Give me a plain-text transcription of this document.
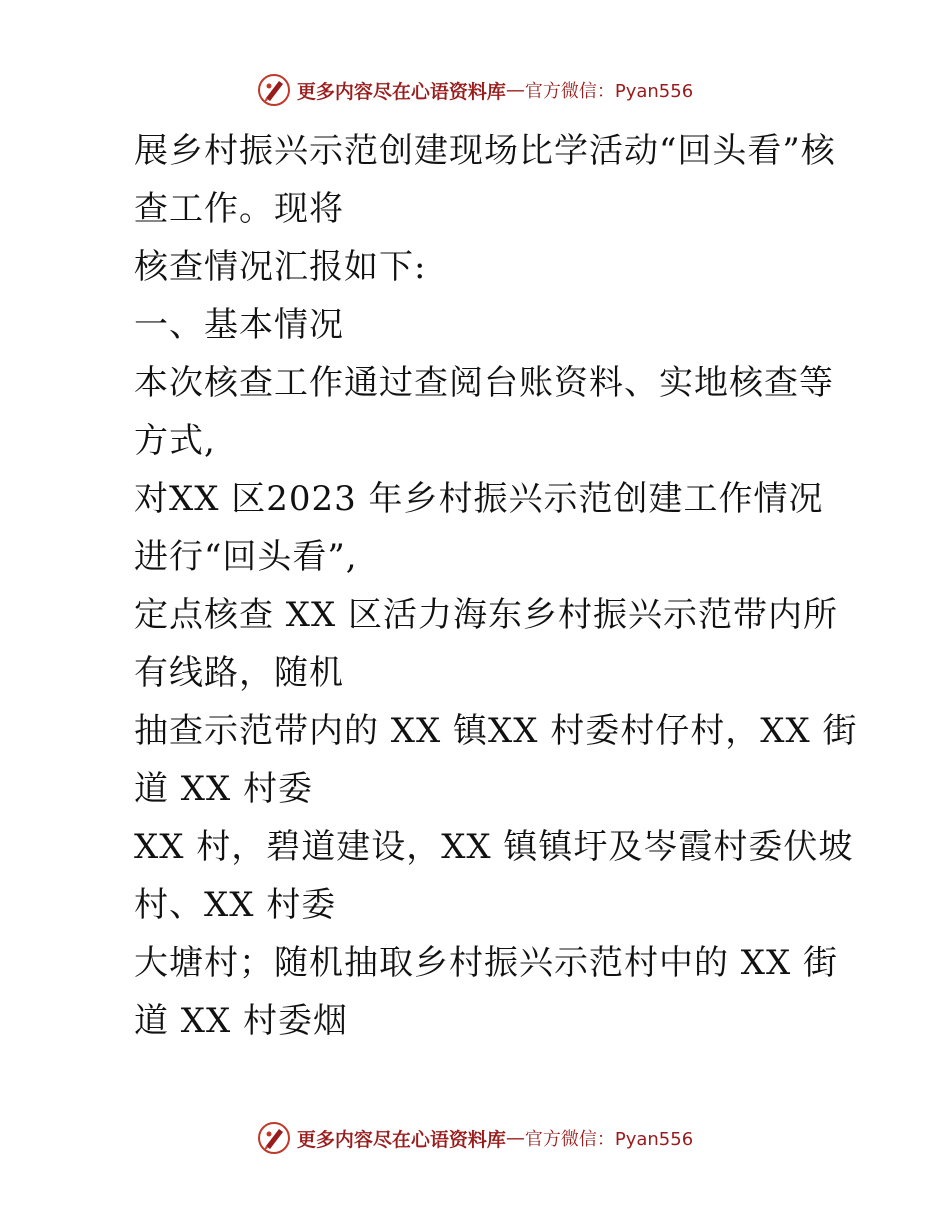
更多内容尽在心语资料库 — 官方微信：Pyan556

展乡村振兴示范创建现场比学活动“回头看”核查工作。现将

核查情况汇报如下:

一、基本情况

本次核查工作通过查阅台账资料、实地核查等方式,

对XX 区2023 年乡村振兴示范创建工作情况进行“回头看”,

定点核查 XX 区活力海东乡村振兴示范带内所有线路，随机

抽查示范带内的 XX 镇XX 村委村仔村，XX 街道 XX 村委

XX 村，碧道建设，XX 镇镇圩及岑霞村委伏坡村、XX 村委

大塘村；随机抽取乡村振兴示范村中的 XX 街道 XX 村委烟

更多内容尽在心语资料库 — 官方微信：Pyan556
